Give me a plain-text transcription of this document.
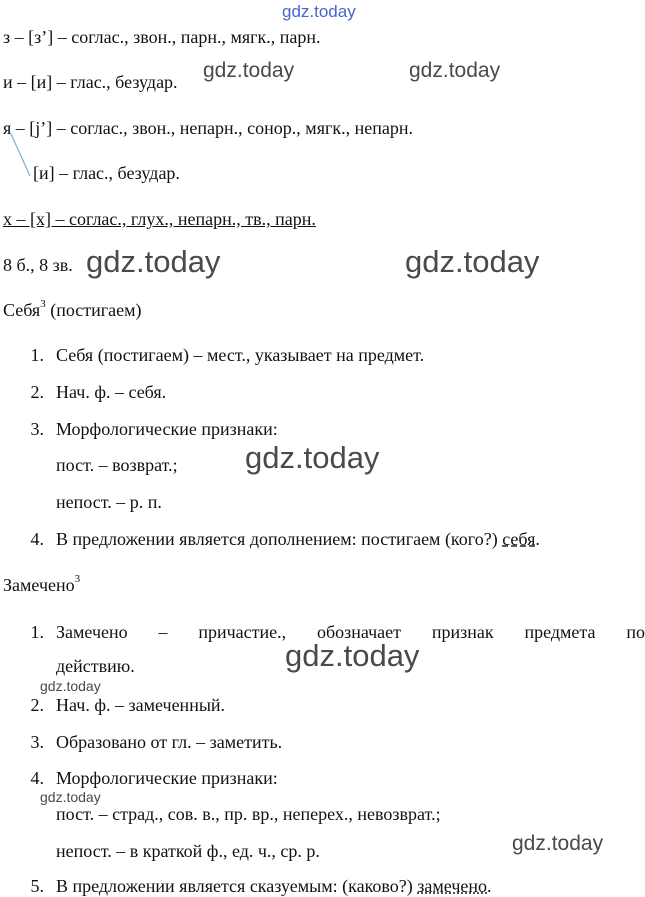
gdz.today
з – [з’] – соглас., звон., парн., мягк., парн.
и – [и] – глас., безудар. gdz.today	gdz.today
я – [j’] – соглас., звон., непарн., сонор., мягк., непарн.
[и] – глас., безудар.
х – [х] – соглас., глух., непарн., тв., парн.
8 б., 8 зв. gdz.today	gdz.today
Себя$^3$ (постигаем)
1. Себя (постигаем) – мест., указывает на предмет.
2. Нач. ф. – себя.
3. Морфологические признаки:
пост. – возврат.; gdz.today
непост. – р. п.
4. В предложении является дополнением: постигаем (кого?) себя.
Замечено$^3$
1. Замечено – причастие., обозначает признак предмета по
действию.	gdz.today
gdz.today
2. Нач. ф. – замеченный.
3. Образовано от гл. – заметить.
4. Морфологические признаки:
gdz.today
пост. – страд., сов. в., пр. вр., неперех., невозврат.;
непост. – в краткой ф., ед. ч., ср. р.	gdz.today
5. В предложении является сказуемым: (каково?) замечено.
